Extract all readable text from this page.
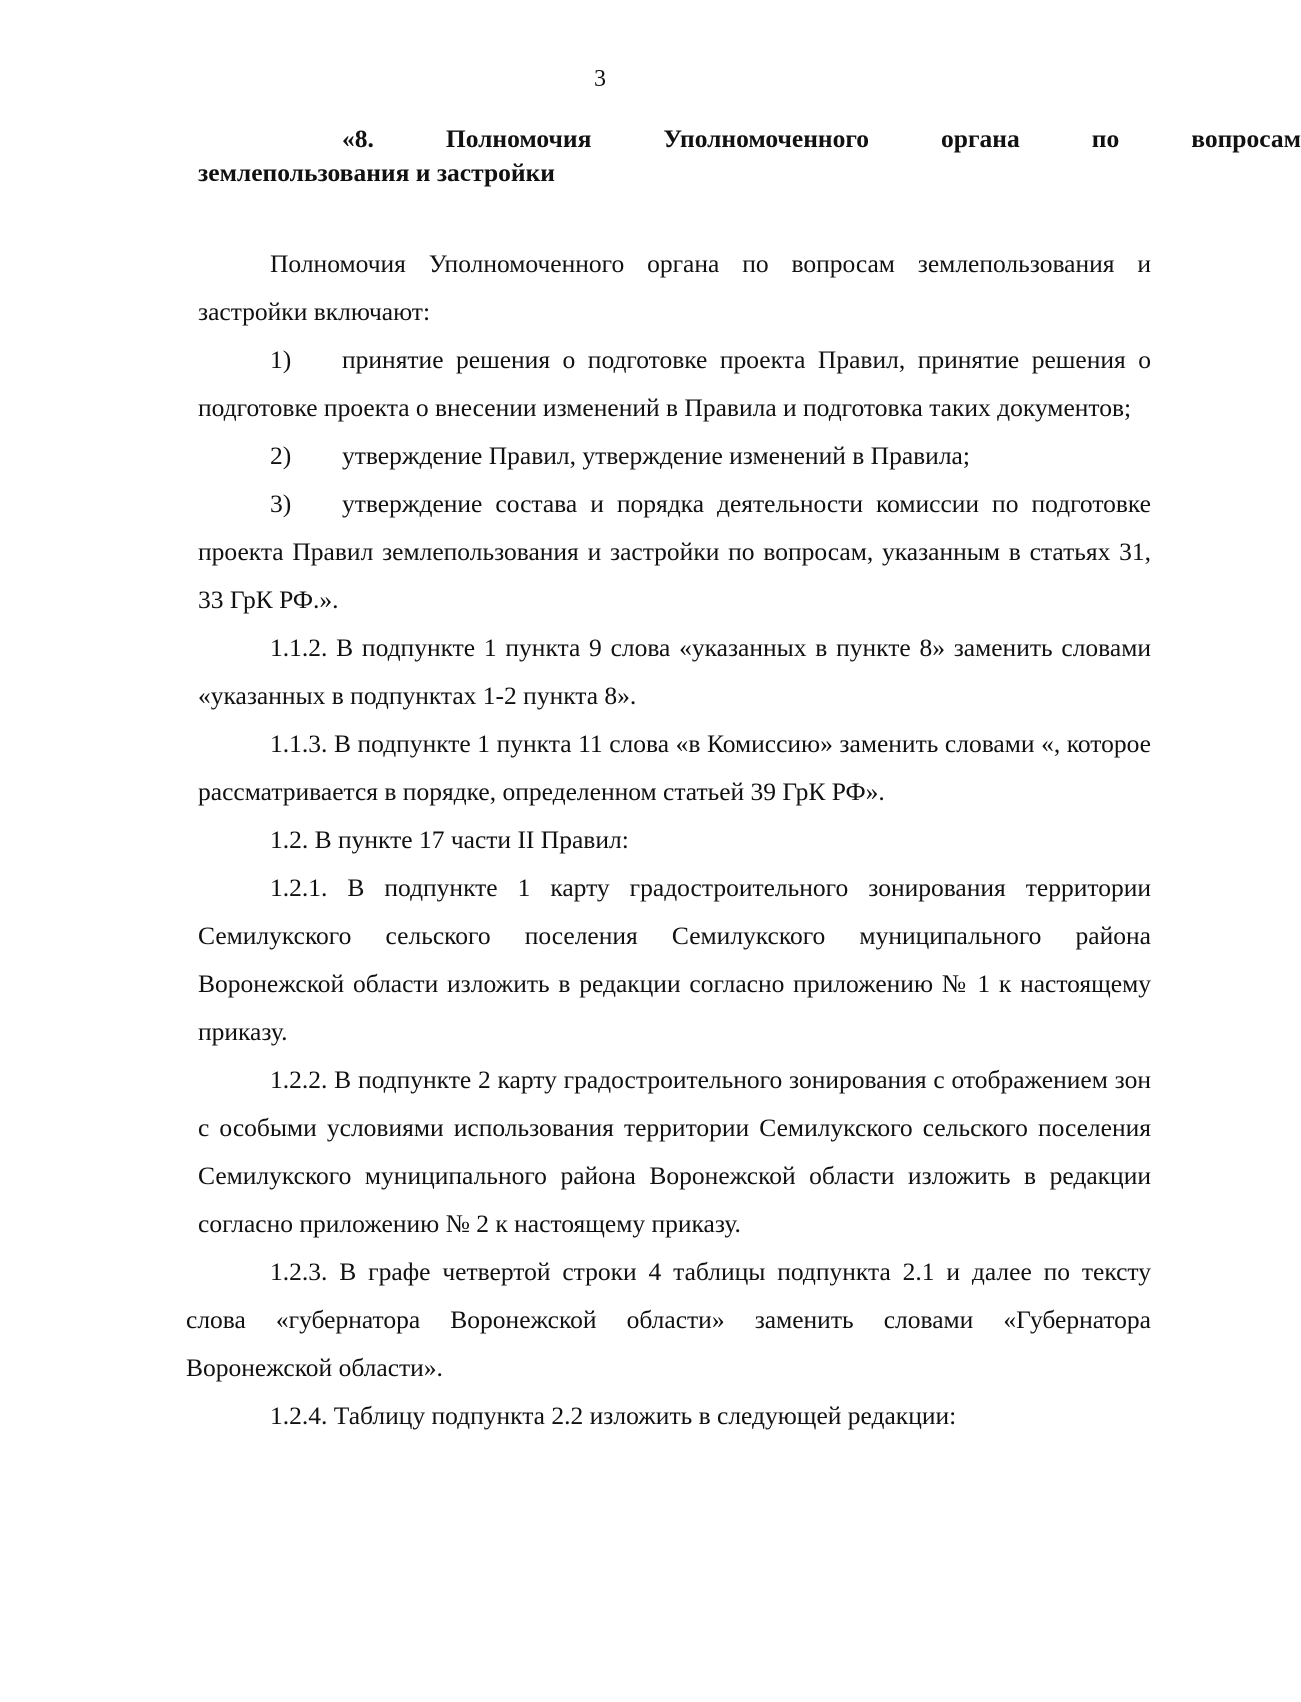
3
«8.	Полномочия	Уполномоченного	органа	по	вопросам
землепользования и застройки

Полномочия Уполномоченного органа по вопросам землепользования и застройки включают:

1) принятие решения о подготовке проекта Правил, принятие решения о подготовке проекта о внесении изменений в Правила и подготовка таких документов;

2) утверждение Правил, утверждение изменений в Правила;

3) утверждение состава и порядка деятельности комиссии по подготовке проекта Правил землепользования и застройки по вопросам, указанным в статьях 31, 33 ГрК РФ.».

1.1.2. В подпункте 1 пункта 9 слова «указанных в пункте 8» заменить словами «указанных в подпунктах 1-2 пункта 8».

1.1.3. В подпункте 1 пункта 11 слова «в Комиссию» заменить словами «, которое рассматривается в порядке, определенном статьей 39 ГрК РФ».

1.2. В пункте 17 части II Правил:

1.2.1. В подпункте 1 карту градостроительного зонирования территории Семилукского сельского поселения Семилукского муниципального района Воронежской области изложить в редакции согласно приложению № 1 к настоящему приказу.

1.2.2. В подпункте 2 карту градостроительного зонирования с отображением зон с особыми условиями использования территории Семилукского сельского поселения Семилукского муниципального района Воронежской области изложить в редакции согласно приложению № 2 к настоящему приказу.

1.2.3. В графе четвертой строки 4 таблицы подпункта 2.1 и далее по тексту слова «губернатора Воронежской области» заменить словами «Губернатора Воронежской области».

1.2.4. Таблицу подпункта 2.2 изложить в следующей редакции:
